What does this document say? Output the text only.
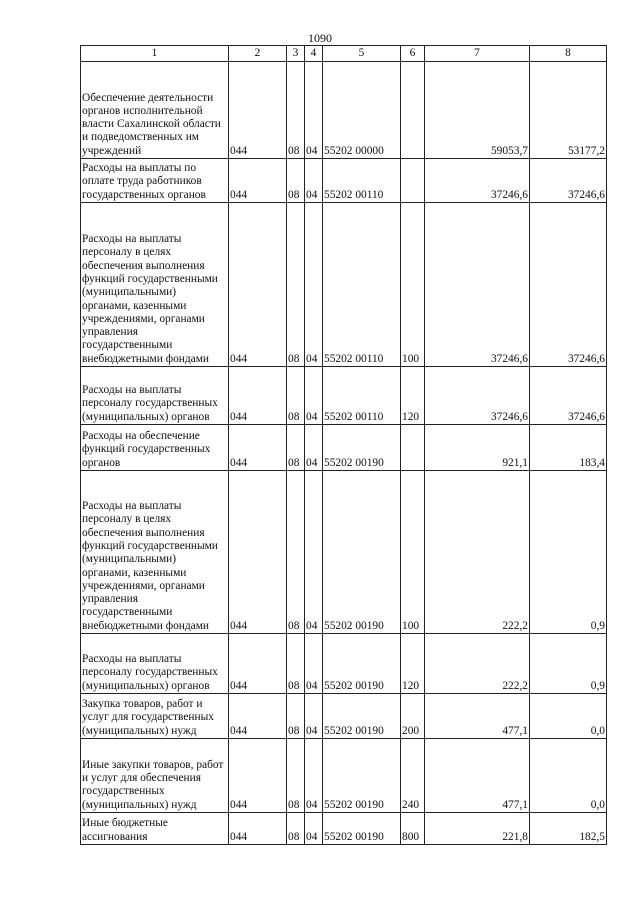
1090
1	2	3	4	5	6	7	8
Обеспечение деятельности органов исполнительной власти Сахалинской области и подведомственных им учреждений	044	08	04	55202 00000		59053,7	53177,2
Расходы на выплаты по оплате труда работников государственных органов	044	08	04	55202 00110		37246,6	37246,6
Расходы на выплаты персоналу в целях обеспечения выполнения функций государственными (муниципальными) органами, казенными учреждениями, органами управления государственными внебюджетными фондами	044	08	04	55202 00110	100	37246,6	37246,6
Расходы на выплаты персоналу государственных (муниципальных) органов	044	08	04	55202 00110	120	37246,6	37246,6
Расходы на обеспечение функций государственных органов	044	08	04	55202 00190		921,1	183,4
Расходы на выплаты персоналу в целях обеспечения выполнения функций государственными (муниципальными) органами, казенными учреждениями, органами управления государственными внебюджетными фондами	044	08	04	55202 00190	100	222,2	0,9
Расходы на выплаты персоналу государственных (муниципальных) органов	044	08	04	55202 00190	120	222,2	0,9
Закупка товаров, работ и услуг для государственных (муниципальных) нужд	044	08	04	55202 00190	200	477,1	0,0
Иные закупки товаров, работ и услуг для обеспечения государственных (муниципальных) нужд	044	08	04	55202 00190	240	477,1	0,0
Иные бюджетные ассигнования	044	08	04	55202 00190	800	221,8	182,5
